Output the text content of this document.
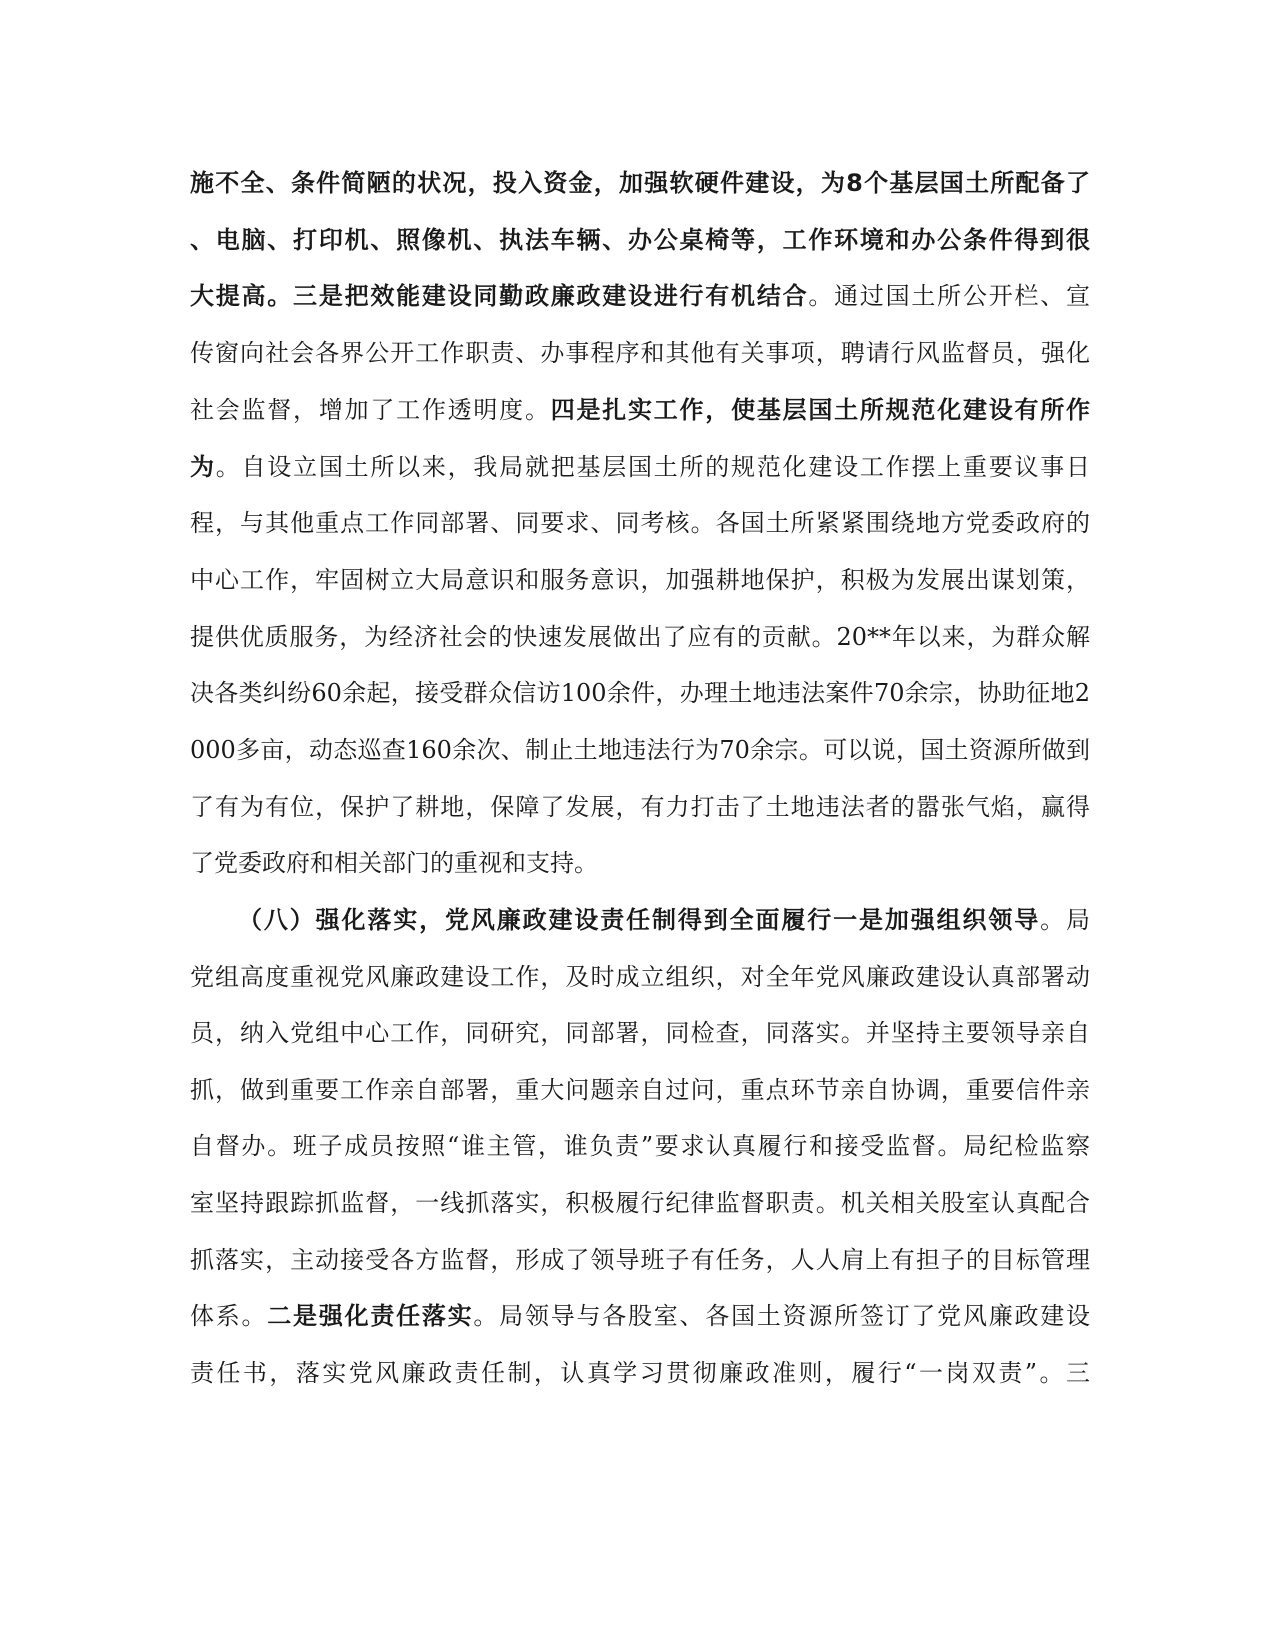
施不全、条件简陋的状况，投入资金，加强软硬件建设，为8个基层国土所配备了
、电脑、打印机、照像机、执法车辆、办公桌椅等，工作环境和办公条件得到很
大提高。三是把效能建设同勤政廉政建设进行有机结合。通过国土所公开栏、宣
传窗向社会各界公开工作职责、办事程序和其他有关事项，聘请行风监督员，强化
社会监督，增加了工作透明度。四是扎实工作，使基层国土所规范化建设有所作
为。自设立国土所以来，我局就把基层国土所的规范化建设工作摆上重要议事日
程，与其他重点工作同部署、同要求、同考核。各国土所紧紧围绕地方党委政府的
中心工作，牢固树立大局意识和服务意识，加强耕地保护，积极为发展出谋划策，
提供优质服务，为经济社会的快速发展做出了应有的贡献。20**年以来，为群众解
决各类纠纷60余起，接受群众信访100余件，办理土地违法案件70余宗，协助征地2
000多亩，动态巡查160余次、制止土地违法行为70余宗。可以说，国土资源所做到
了有为有位，保护了耕地，保障了发展，有力打击了土地违法者的嚣张气焰，赢得
了党委政府和相关部门的重视和支持。
（八）强化落实，党风廉政建设责任制得到全面履行一是加强组织领导。局
党组高度重视党风廉政建设工作，及时成立组织，对全年党风廉政建设认真部署动
员，纳入党组中心工作，同研究，同部署，同检查，同落实。并坚持主要领导亲自
抓，做到重要工作亲自部署，重大问题亲自过问，重点环节亲自协调，重要信件亲
自督办。班子成员按照“谁主管，谁负责”要求认真履行和接受监督。局纪检监察
室坚持跟踪抓监督，一线抓落实，积极履行纪律监督职责。机关相关股室认真配合
抓落实，主动接受各方监督，形成了领导班子有任务，人人肩上有担子的目标管理
体系。二是强化责任落实。局领导与各股室、各国土资源所签订了党风廉政建设
责任书，落实党风廉政责任制，认真学习贯彻廉政准则，履行“一岗双责”。三
